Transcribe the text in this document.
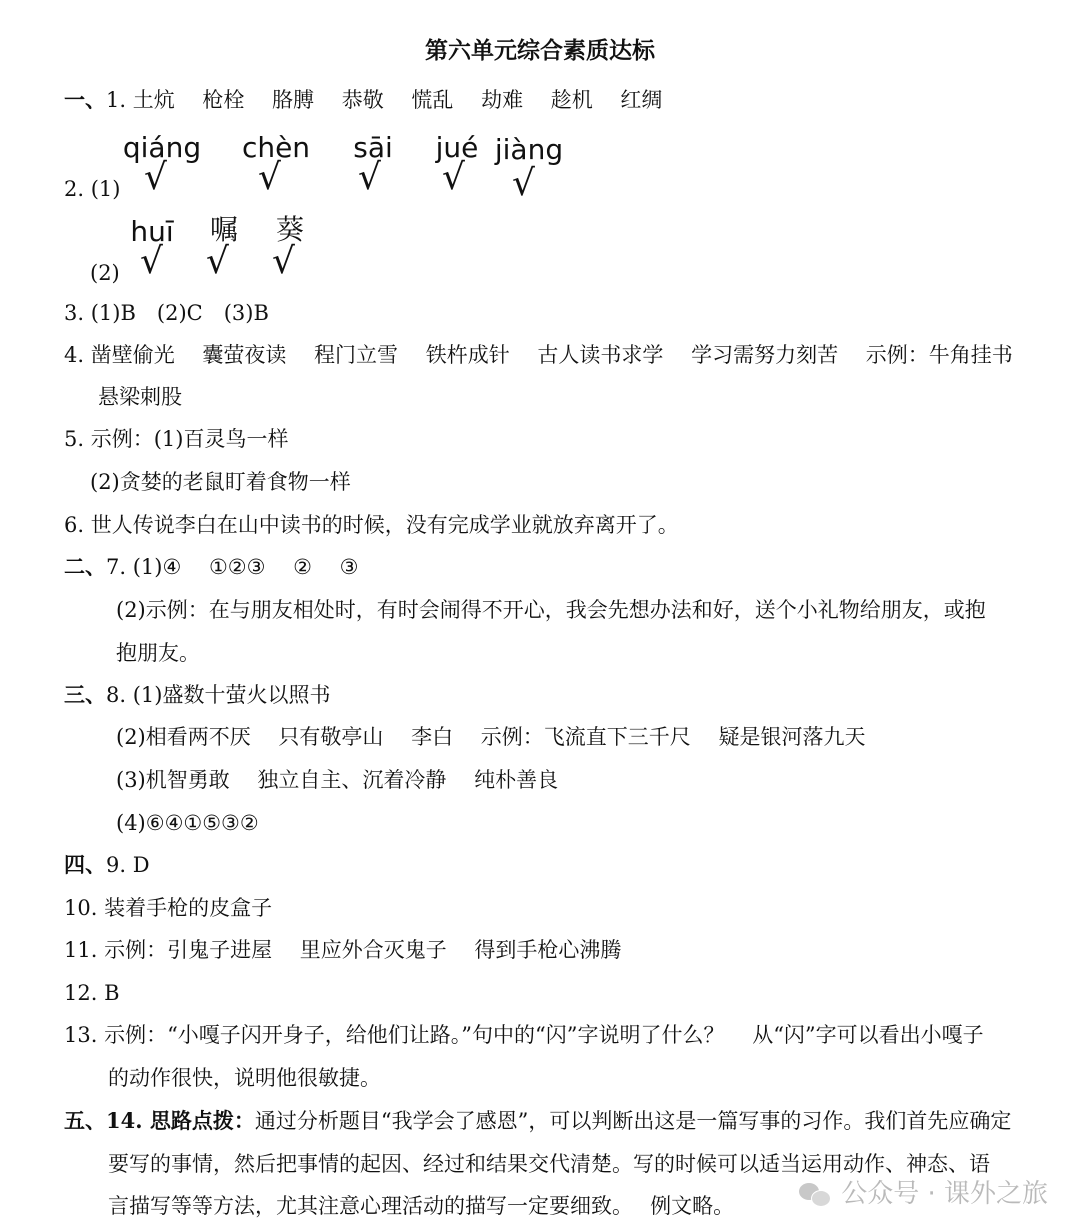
第六单元综合素质达标
一、1. 土炕　 枪栓　 胳膊　 恭敬　 慌乱　 劫难　 趁机　 红绸
qiáng chèn sāi jué jiàng
√	√ √ √ √
2. (1)
huī 嘱 葵
√ √ √
(2)
3. (1)B　(2)C　(3)B
4. 凿壁偷光　 囊萤夜读　 程门立雪　 铁杵成针　 古人读书求学　 学习需努力刻苦　 示例：牛角挂书
悬梁刺股
5. 示例：(1)百灵鸟一样
(2)贪婪的老鼠盯着食物一样
6. 世人传说李白在山中读书的时候，没有完成学业就放弃离开了。
二、7. (1)④　 ①②③　 ②　 ③
(2)示例：在与朋友相处时，有时会闹得不开心，我会先想办法和好，送个小礼物给朋友，或抱
抱朋友。
三、8. (1)盛数十萤火以照书
(2)相看两不厌　 只有敬亭山　 李白　 示例：飞流直下三千尺　 疑是银河落九天
(3)机智勇敢　 独立自主、沉着冷静　 纯朴善良
(4)⑥④①⑤③②
四、9. D
10. 装着手枪的皮盒子
11. 示例：引鬼子进屋　 里应外合灭鬼子　 得到手枪心沸腾
12. B
13. 示例：“小嘎子闪开身子，给他们让路。”句中的“闪”字说明了什么？　 从“闪”字可以看出小嘎子
的动作很快，说明他很敏捷。
五、14. 思路点拨：通过分析题目“我学会了感恩”，可以判断出这是一篇写事的习作。我们首先应确定
要写的事情，然后把事情的起因、经过和结果交代清楚。写的时候可以适当运用动作、神态、语
言描写等等方法，尤其注意心理活动的描写一定要细致。　 例文略。	公众号 · 课外之旅
